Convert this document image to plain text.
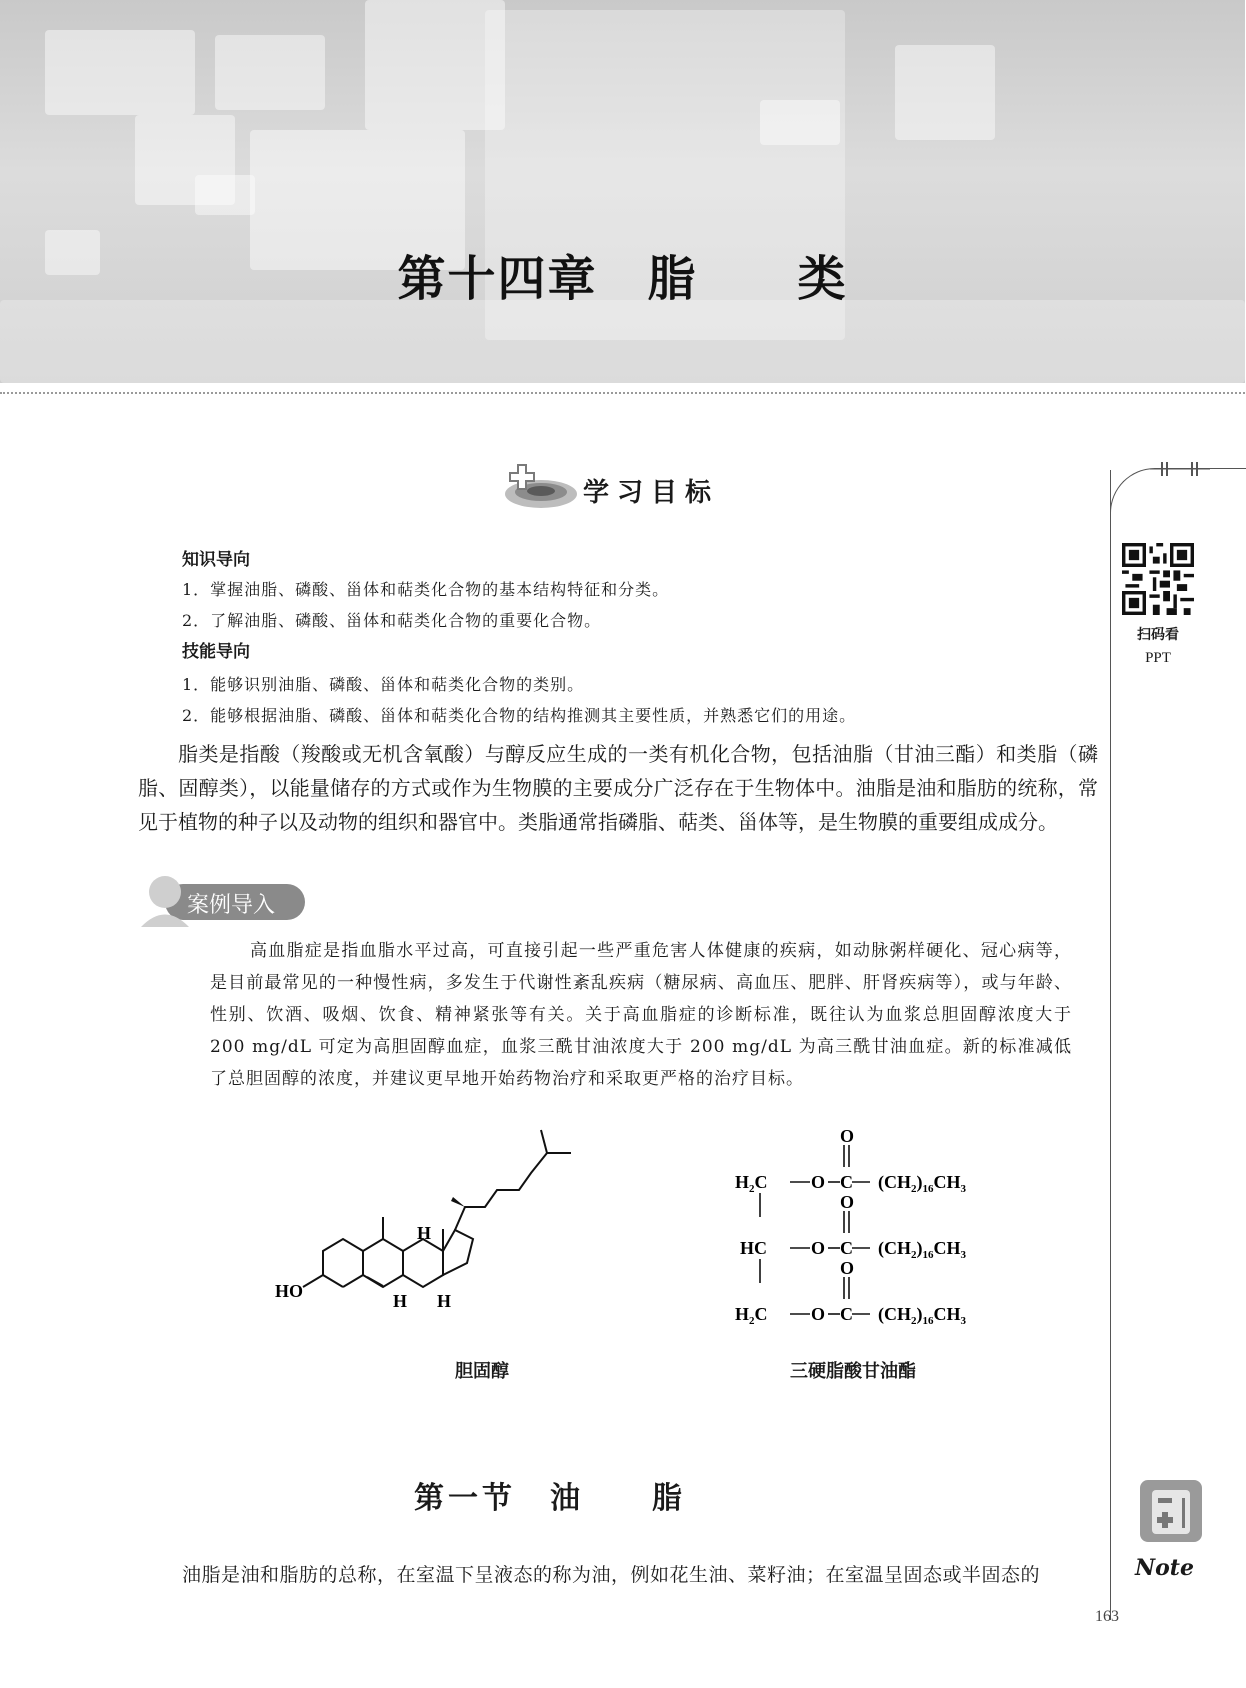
第十四章　脂　　类
扫码看
PPT
学习目标
知识导向
1．掌握油脂、磷酸、甾体和萜类化合物的基本结构特征和分类。
2．了解油脂、磷酸、甾体和萜类化合物的重要化合物。
技能导向
1．能够识别油脂、磷酸、甾体和萜类化合物的类别。
2．能够根据油脂、磷酸、甾体和萜类化合物的结构推测其主要性质，并熟悉它们的用途。
脂类是指酸（羧酸或无机含氧酸）与醇反应生成的一类有机化合物，包括油脂（甘油三酯）和类脂（磷脂、固醇类），以能量储存的方式或作为生物膜的主要成分广泛存在于生物体中。油脂是油和脂肪的统称，常见于植物的种子以及动物的组织和器官中。类脂通常指磷脂、萜类、甾体等，是生物膜的重要组成成分。
案例导入
高血脂症是指血脂水平过高，可直接引起一些严重危害人体健康的疾病，如动脉粥样硬化、冠心病等，是目前最常见的一种慢性病，多发生于代谢性紊乱疾病（糖尿病、高血压、肥胖、肝肾疾病等），或与年龄、性别、饮酒、吸烟、饮食、精神紧张等有关。关于高血脂症的诊断标准，既往认为血浆总胆固醇浓度大于 200 mg/dL 可定为高胆固醇血症，血浆三酰甘油浓度大于 200 mg/dL 为高三酰甘油血症。新的标准减低了总胆固醇的浓度，并建议更早地开始药物治疗和采取更严格的治疗目标。
HO
H
H H
胆固醇
O
$H_2C$ O C $(CH_2)_{16}CH_3$
O
HC O C $(CH_2)_{16}CH_3$
O
$H_2C$ O C $(CH_2)_{16}CH_3$
三硬脂酸甘油酯
第一节　油　　脂
Note
油脂是油和脂肪的总称，在室温下呈液态的称为油，例如花生油、菜籽油；在室温呈固态或半固态的
163
